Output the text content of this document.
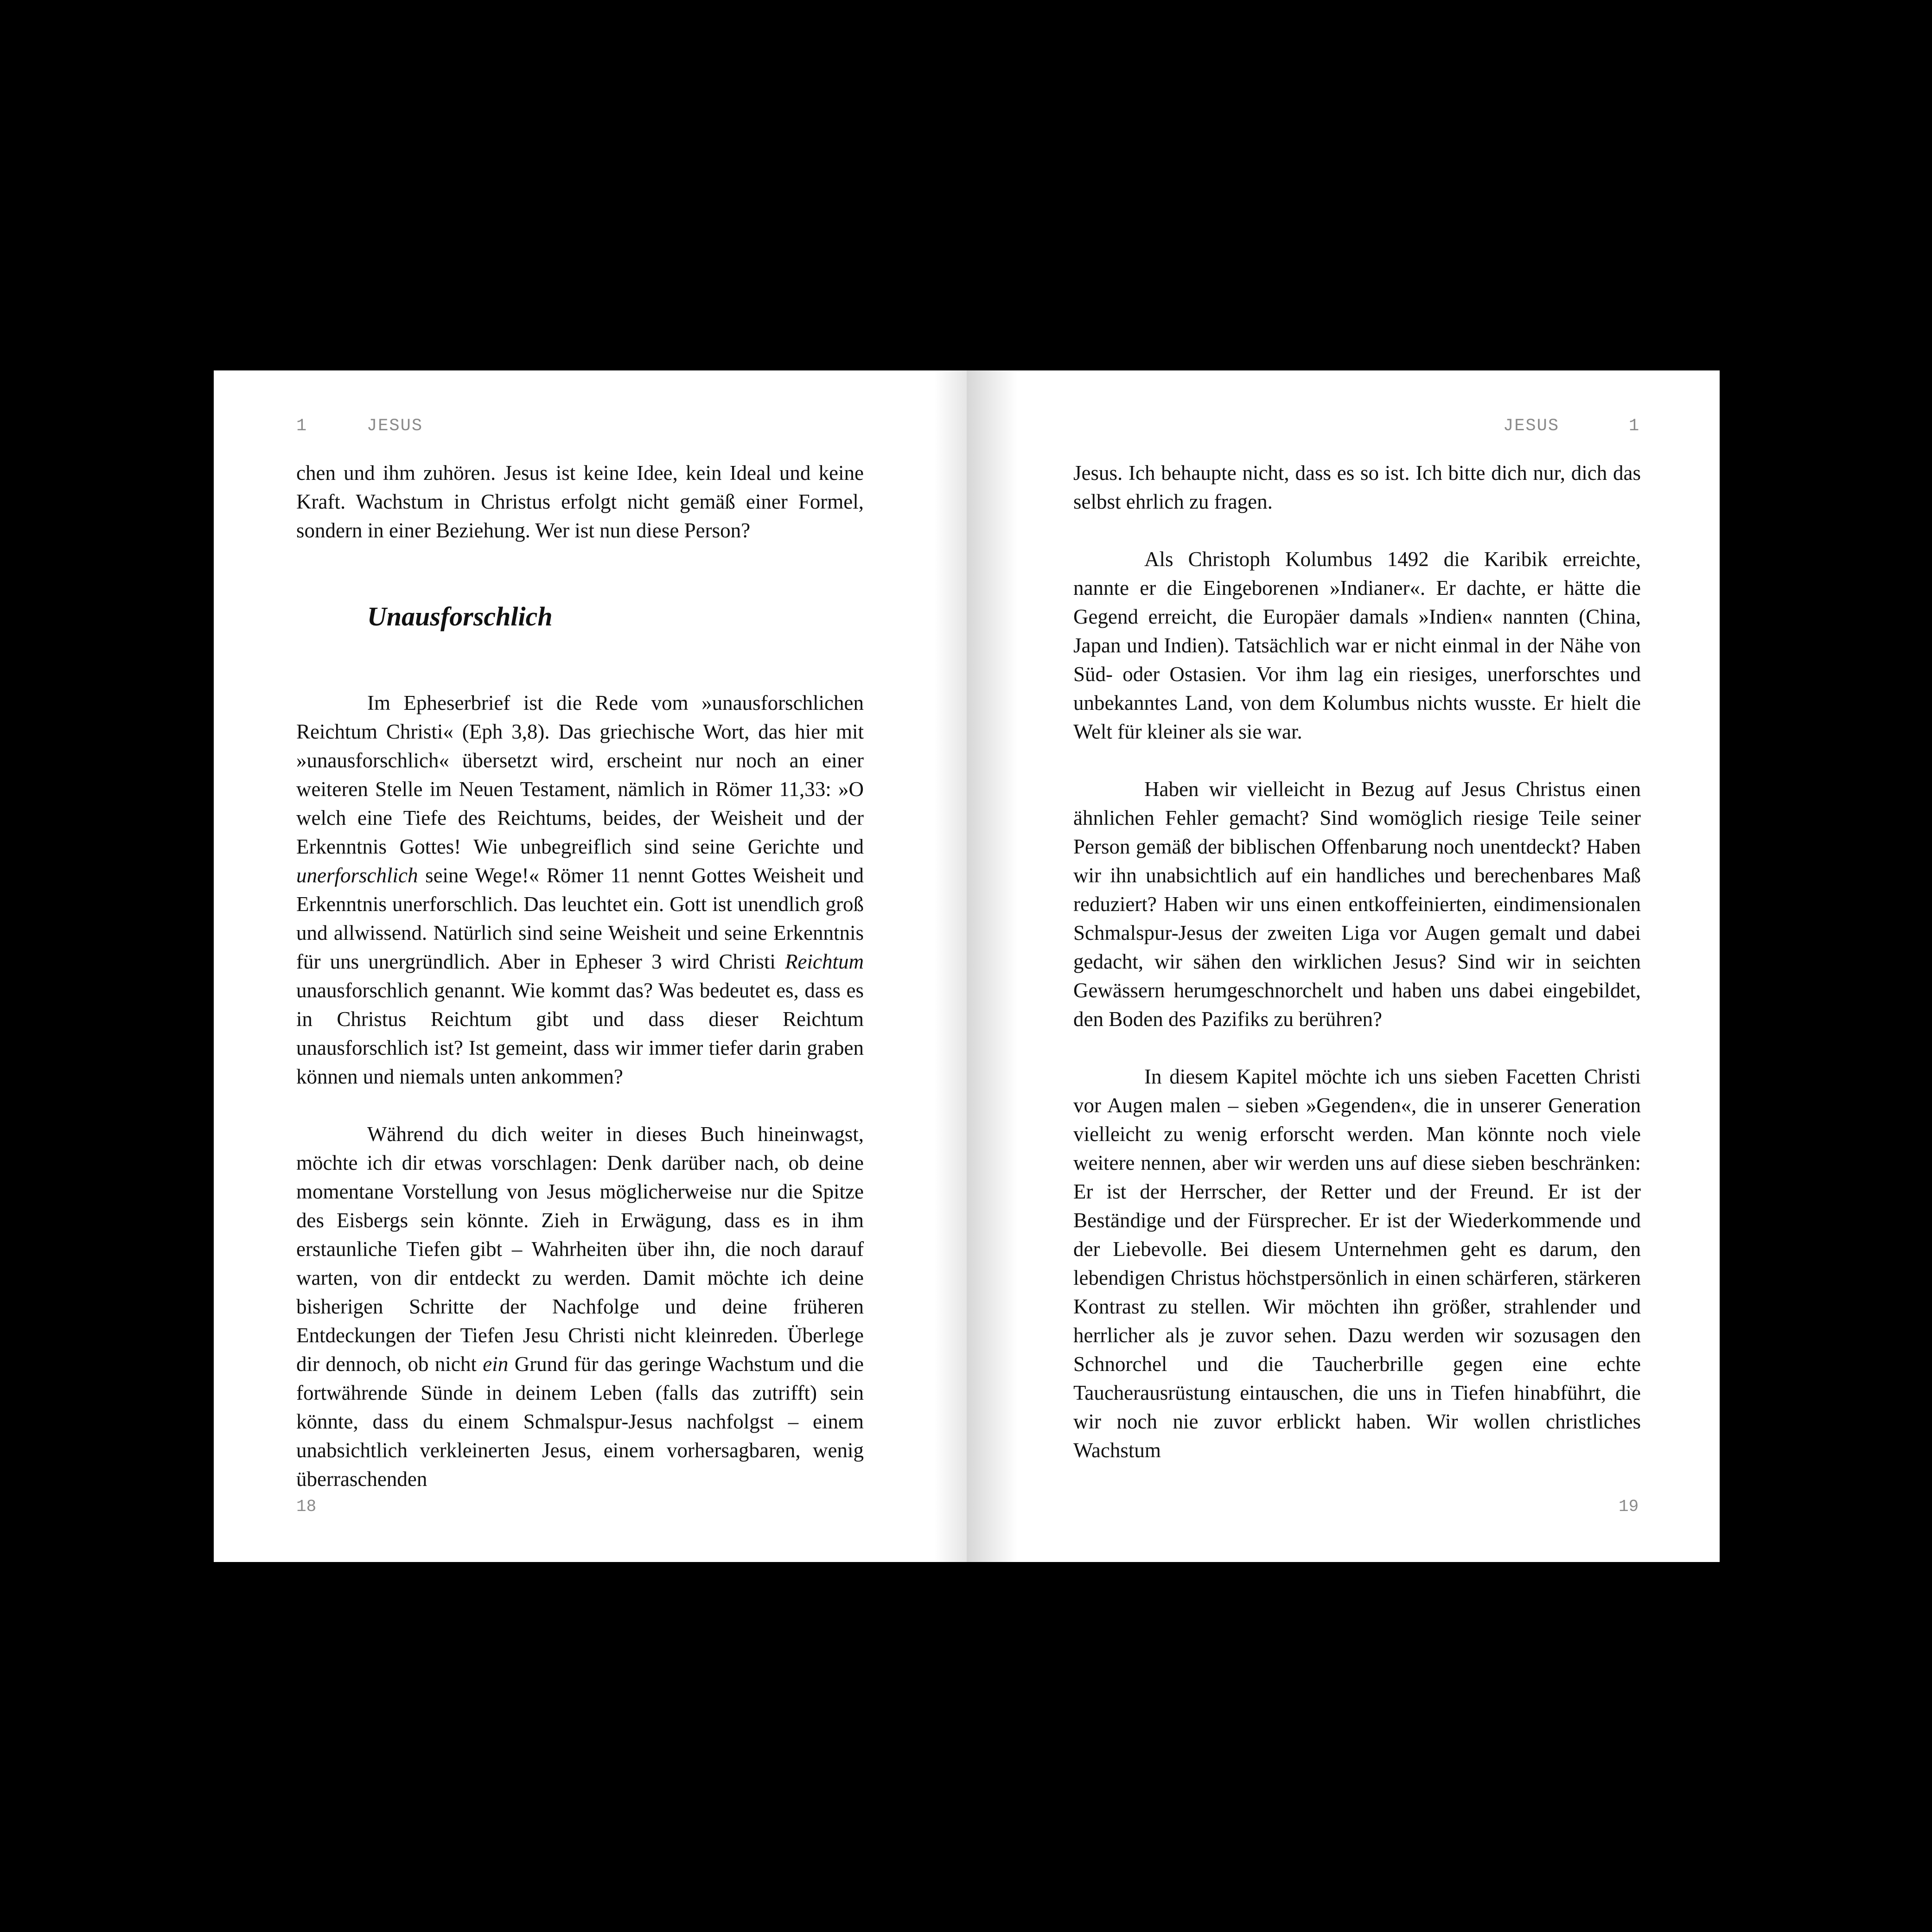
1	JESUS

chen und ihm zuhören. Jesus ist keine Idee, kein Ideal und keine Kraft. Wachstum in Christus erfolgt nicht gemäß einer Formel, sondern in einer Beziehung. Wer ist nun diese Person?

Unausforschlich

Im Epheserbrief ist die Rede vom »unausforschlichen Reichtum Christi« (Eph 3,8). Das griechische Wort, das hier mit »unausforschlich« übersetzt wird, erscheint nur noch an einer weiteren Stelle im Neuen Testament, nämlich in Römer 11,33: »O welch eine Tiefe des Reichtums, beides, der Weisheit und der Erkenntnis Gottes! Wie unbegreiflich sind seine Gerichte und unerforschlich seine Wege!« Römer 11 nennt Gottes Weisheit und Erkenntnis unerforschlich. Das leuchtet ein. Gott ist unendlich groß und allwissend. Natürlich sind seine Weisheit und seine Erkenntnis für uns unergründlich. Aber in Epheser 3 wird Christi Reichtum unausforschlich genannt. Wie kommt das? Was bedeutet es, dass es in Christus Reichtum gibt und dass dieser Reichtum unausforschlich ist? Ist gemeint, dass wir immer tiefer darin graben können und niemals unten ankommen?

Während du dich weiter in dieses Buch hineinwagst, möchte ich dir etwas vorschlagen: Denk darüber nach, ob deine momentane Vorstellung von Jesus möglicherweise nur die Spitze des Eisbergs sein könnte. Zieh in Erwägung, dass es in ihm erstaunliche Tiefen gibt – Wahrheiten über ihn, die noch darauf warten, von dir entdeckt zu werden. Damit möchte ich deine bisherigen Schritte der Nachfolge und deine früheren Entdeckungen der Tiefen Jesu Christi nicht kleinreden. Überlege dir dennoch, ob nicht ein Grund für das geringe Wachstum und die fortwährende Sünde in deinem Leben (falls das zutrifft) sein könnte, dass du einem Schmalspur-Jesus nachfolgst – einem unabsichtlich verkleinerten Jesus, einem vorhersagbaren, wenig überraschenden

18
JESUS	1

Jesus. Ich behaupte nicht, dass es so ist. Ich bitte dich nur, dich das selbst ehrlich zu fragen.

Als Christoph Kolumbus 1492 die Karibik erreichte, nannte er die Eingeborenen »Indianer«. Er dachte, er hätte die Gegend erreicht, die Europäer damals »Indien« nannten (China, Japan und Indien). Tatsächlich war er nicht einmal in der Nähe von Süd- oder Ostasien. Vor ihm lag ein riesiges, unerforschtes und unbekanntes Land, von dem Kolumbus nichts wusste. Er hielt die Welt für kleiner als sie war.

Haben wir vielleicht in Bezug auf Jesus Christus einen ähnlichen Fehler gemacht? Sind womöglich riesige Teile seiner Person gemäß der biblischen Offenbarung noch unentdeckt? Haben wir ihn unabsichtlich auf ein handliches und berechenbares Maß reduziert? Haben wir uns einen entkoffeinierten, eindimensionalen Schmalspur-Jesus der zweiten Liga vor Augen gemalt und dabei gedacht, wir sähen den wirklichen Jesus? Sind wir in seichten Gewässern herumgeschnorchelt und haben uns dabei eingebildet, den Boden des Pazifiks zu berühren?

In diesem Kapitel möchte ich uns sieben Facetten Christi vor Augen malen – sieben »Gegenden«, die in unserer Generation vielleicht zu wenig erforscht werden. Man könnte noch viele weitere nennen, aber wir werden uns auf diese sieben beschränken: Er ist der Herrscher, der Retter und der Freund. Er ist der Beständige und der Fürsprecher. Er ist der Wiederkommende und der Liebevolle. Bei diesem Unternehmen geht es darum, den lebendigen Christus höchstpersönlich in einen schärferen, stärkeren Kontrast zu stellen. Wir möchten ihn größer, strahlender und herrlicher als je zuvor sehen. Dazu werden wir sozusagen den Schnorchel und die Taucherbrille gegen eine echte Taucherausrüstung eintauschen, die uns in Tiefen hinabführt, die wir noch nie zuvor erblickt haben. Wir wollen christliches Wachstum

19
